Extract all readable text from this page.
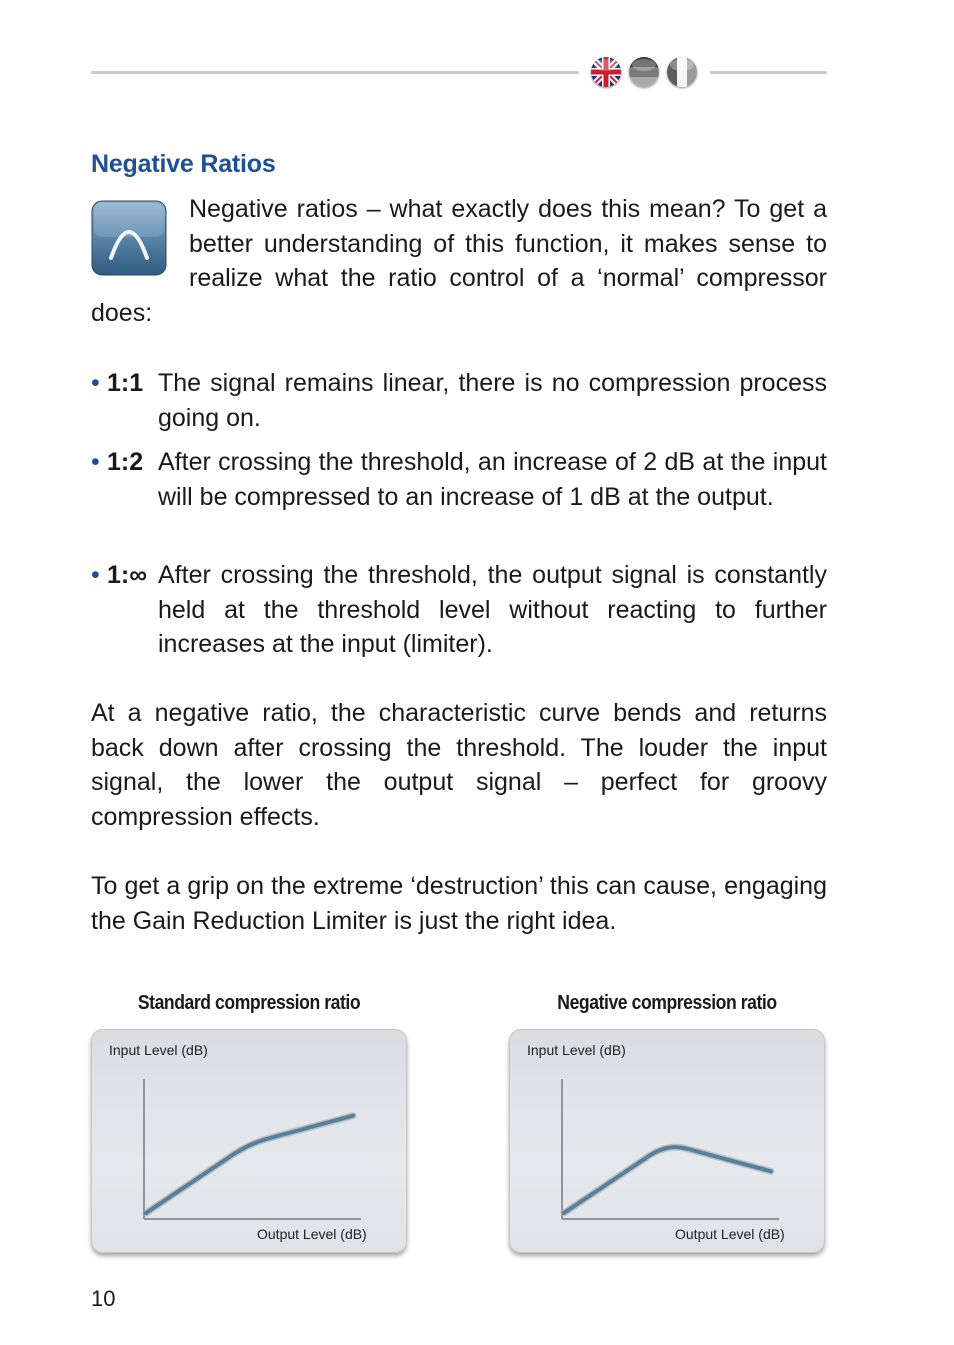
Negative Ratios

Negative ratios – what exactly does this mean? To get a better understanding of this function, it makes sense to realize what the ratio control of a ‘normal’ compressor does:

• 1:1 The signal remains linear, there is no compression process going on.

• 1:2 After crossing the threshold, an increase of 2 dB at the input will be compressed to an increase of 1 dB at the output.

• 1:∞ After crossing the threshold, the output signal is constantly held at the threshold level without reacting to further increases at the input (limiter).

At a negative ratio, the characteristic curve bends and returns back down after crossing the threshold. The louder the input signal, the lower the output signal – perfect for groovy compression effects.

To get a grip on the extreme ‘destruction’ this can cause, engaging the Gain Reduction Limiter is just the right idea.

Standard compression ratio
Input Level (dB)
Output Level (dB)
Negative compression ratio
Input Level (dB)
Output Level (dB)
10
